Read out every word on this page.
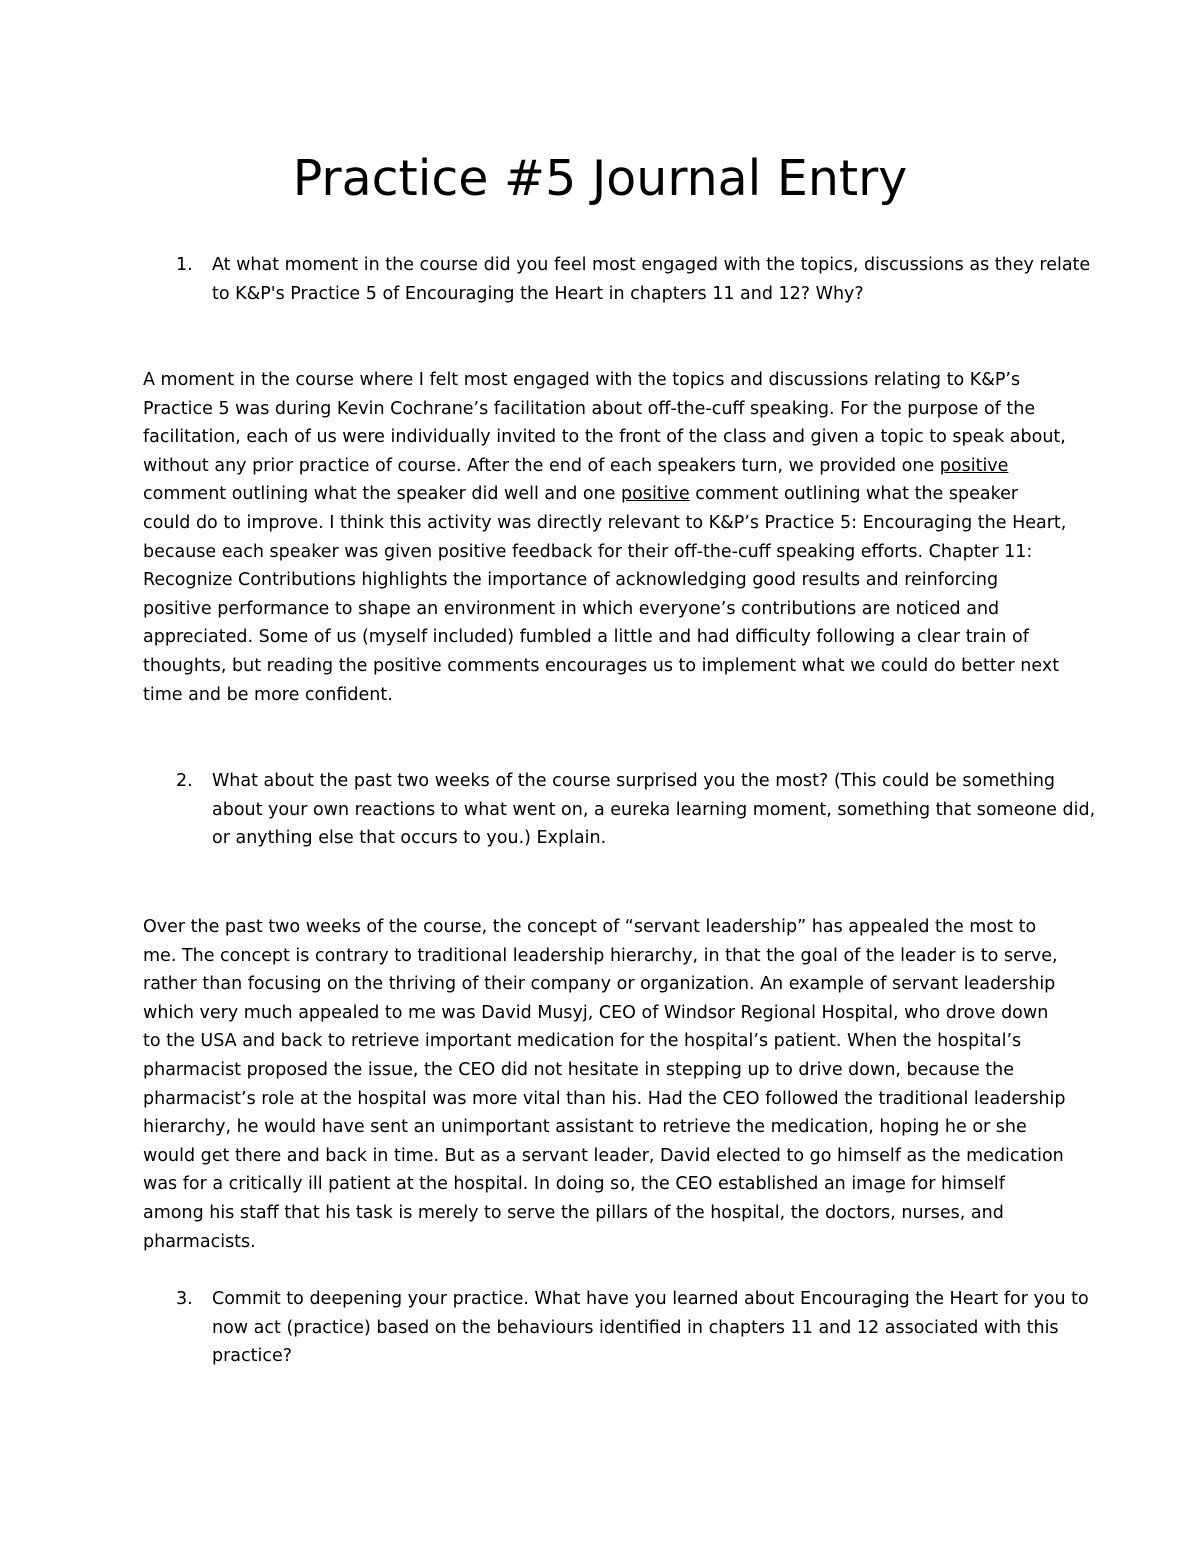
Practice #5 Journal Entry
1. At what moment in the course did you feel most engaged with the topics, discussions as they relate to K&P's Practice 5 of Encouraging the Heart in chapters 11 and 12? Why?

A moment in the course where I felt most engaged with the topics and discussions relating to K&P’s Practice 5 was during Kevin Cochrane’s facilitation about off-the-cuff speaking. For the purpose of the facilitation, each of us were individually invited to the front of the class and given a topic to speak about, without any prior practice of course. After the end of each speakers turn, we provided one positive comment outlining what the speaker did well and one positive comment outlining what the speaker could do to improve. I think this activity was directly relevant to K&P’s Practice 5: Encouraging the Heart, because each speaker was given positive feedback for their off-the-cuff speaking efforts. Chapter 11: Recognize Contributions highlights the importance of acknowledging good results and reinforcing positive performance to shape an environment in which everyone’s contributions are noticed and appreciated. Some of us (myself included) fumbled a little and had difficulty following a clear train of thoughts, but reading the positive comments encourages us to implement what we could do better next time and be more confident.

2. What about the past two weeks of the course surprised you the most? (This could be something about your own reactions to what went on, a eureka learning moment, something that someone did, or anything else that occurs to you.) Explain.

Over the past two weeks of the course, the concept of “servant leadership” has appealed the most to me. The concept is contrary to traditional leadership hierarchy, in that the goal of the leader is to serve, rather than focusing on the thriving of their company or organization. An example of servant leadership which very much appealed to me was David Musyj, CEO of Windsor Regional Hospital, who drove down to the USA and back to retrieve important medication for the hospital’s patient. When the hospital’s pharmacist proposed the issue, the CEO did not hesitate in stepping up to drive down, because the pharmacist’s role at the hospital was more vital than his. Had the CEO followed the traditional leadership hierarchy, he would have sent an unimportant assistant to retrieve the medication, hoping he or she would get there and back in time. But as a servant leader, David elected to go himself as the medication was for a critically ill patient at the hospital. In doing so, the CEO established an image for himself among his staff that his task is merely to serve the pillars of the hospital, the doctors, nurses, and pharmacists.

3. Commit to deepening your practice. What have you learned about Encouraging the Heart for you to now act (practice) based on the behaviours identified in chapters 11 and 12 associated with this practice?
